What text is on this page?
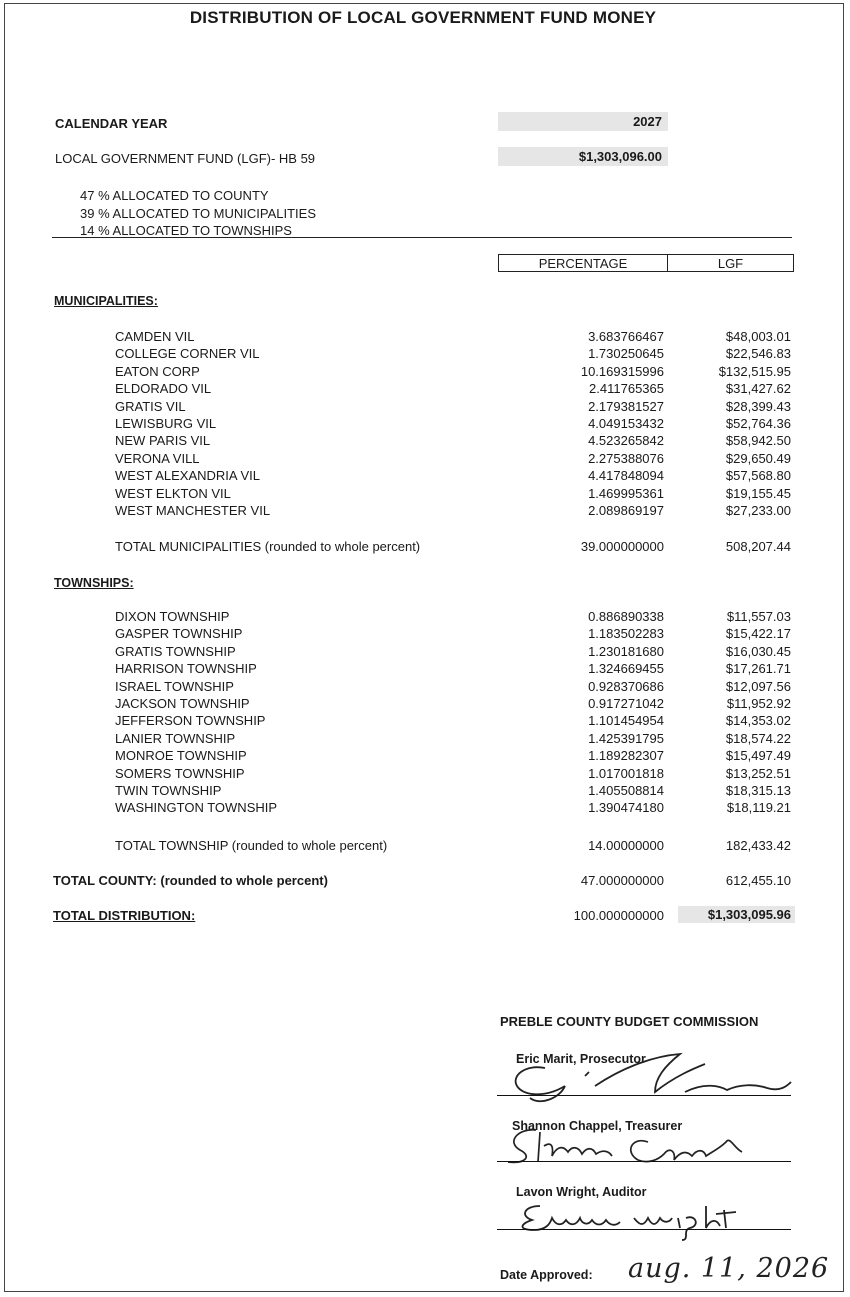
DISTRIBUTION OF LOCAL GOVERNMENT FUND MONEY
CALENDAR YEAR	2027
LOCAL GOVERNMENT FUND (LGF)- HB 59	$1,303,096.00
47 % ALLOCATED TO COUNTY
39 % ALLOCATED TO MUNICIPALITIES
14 % ALLOCATED TO TOWNSHIPS
PERCENTAGE	LGF
MUNICIPALITIES:
CAMDEN VIL	3.683766467	$48,003.01
COLLEGE CORNER VIL	1.730250645	$22,546.83
EATON CORP	10.169315996	$132,515.95
ELDORADO VIL	2.411765365	$31,427.62
GRATIS VIL	2.179381527	$28,399.43
LEWISBURG VIL	4.049153432	$52,764.36
NEW PARIS VIL	4.523265842	$58,942.50
VERONA VILL	2.275388076	$29,650.49
WEST ALEXANDRIA VIL	4.417848094	$57,568.80
WEST ELKTON VIL	1.469995361	$19,155.45
WEST MANCHESTER VIL	2.089869197	$27,233.00
TOTAL MUNICIPALITIES (rounded to whole percent)	39.000000000	508,207.44
TOWNSHIPS:
DIXON TOWNSHIP	0.886890338	$11,557.03
GASPER TOWNSHIP	1.183502283	$15,422.17
GRATIS TOWNSHIP	1.230181680	$16,030.45
HARRISON TOWNSHIP	1.324669455	$17,261.71
ISRAEL TOWNSHIP	0.928370686	$12,097.56
JACKSON TOWNSHIP	0.917271042	$11,952.92
JEFFERSON TOWNSHIP	1.101454954	$14,353.02
LANIER TOWNSHIP	1.425391795	$18,574.22
MONROE TOWNSHIP	1.189282307	$15,497.49
SOMERS TOWNSHIP	1.017001818	$13,252.51
TWIN TOWNSHIP	1.405508814	$18,315.13
WASHINGTON TOWNSHIP	1.390474180	$18,119.21
TOTAL TOWNSHIP (rounded to whole percent)	14.00000000	182,433.42
TOTAL COUNTY: (rounded to whole percent)	47.000000000	612,455.10
TOTAL DISTRIBUTION:	100.000000000	$1,303,095.96
PREBLE COUNTY BUDGET COMMISSION
Eric Marit, Prosecutor
Shannon Chappel, Treasurer
Lavon Wright, Auditor
Date Approved: aug. 11, 2026
